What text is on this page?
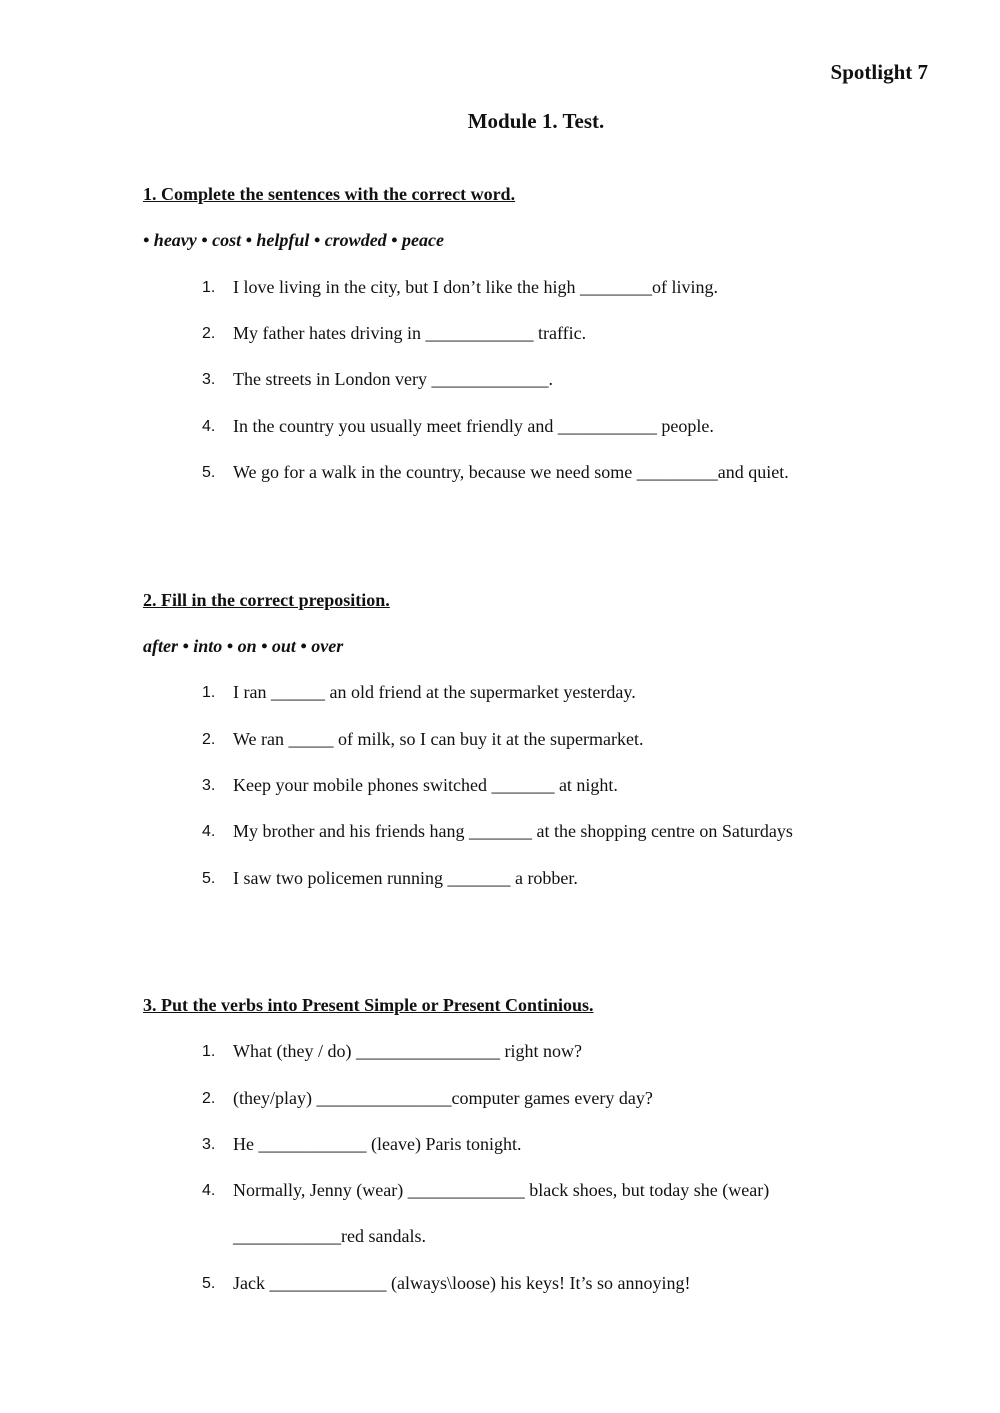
Spotlight 7
Module 1. Test.
1. Complete the sentences with the correct word.
• heavy • cost • helpful • crowded • peace
1. I love living in the city, but I don’t like the high ________of living.
2. My father hates driving in ____________ traffic.
3. The streets in London very _____________.
4. In the country you usually meet friendly and ___________ people.
5. We go for a walk in the country, because we need some _________and quiet.
2. Fill in the correct preposition.
after • into • on • out • over
1. I ran ______ an old friend at the supermarket yesterday.
2. We ran _____ of milk, so I can buy it at the supermarket.
3. Keep your mobile phones switched _______ at night.
4. My brother and his friends hang _______ at the shopping centre on Saturdays
5. I saw two policemen running _______ a robber.
3. Put the verbs into Present Simple or Present Continious.
1. What (they / do) ________________ right now?
2. (they/play) _______________computer games every day?
3. He ____________ (leave) Paris tonight.
4. Normally, Jenny (wear) _____________ black shoes, but today she (wear)
____________red sandals.
5. Jack _____________ (always\loose) his keys! It’s so annoying!
